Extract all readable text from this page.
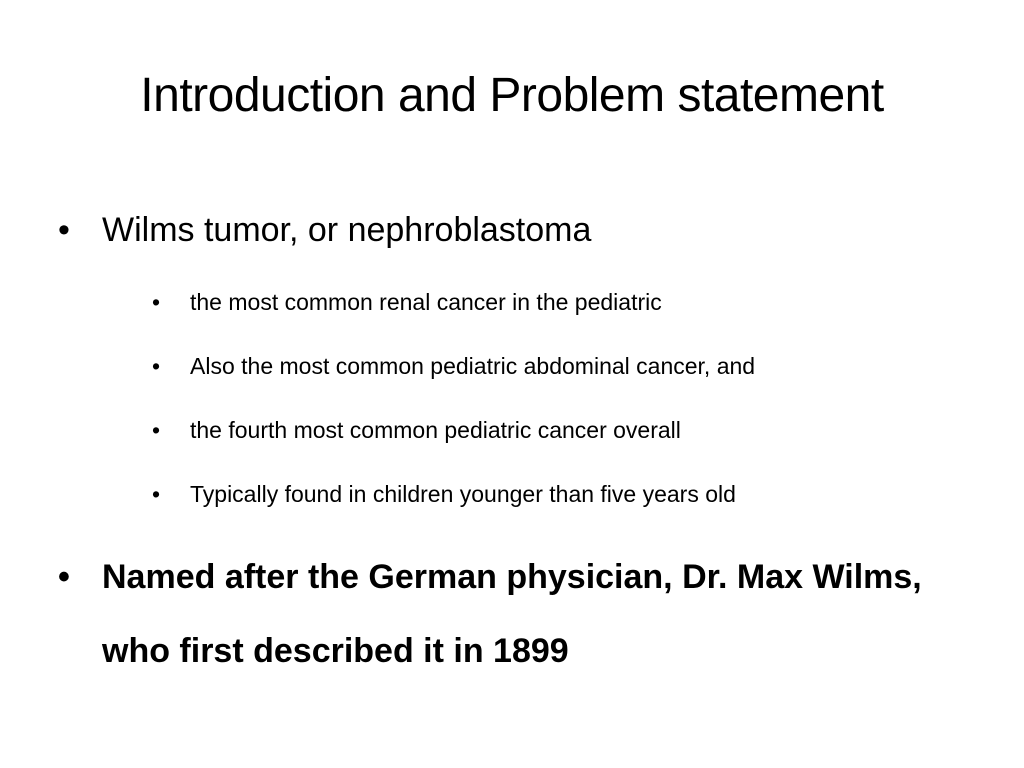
Introduction and Problem statement
• Wilms tumor, or nephroblastoma
• the most common renal cancer in the pediatric
• Also the most common pediatric abdominal cancer, and
• the fourth most common pediatric cancer overall
• Typically found in children younger than five years old
• Named after the German physician, Dr. Max Wilms, who first described it in 1899
